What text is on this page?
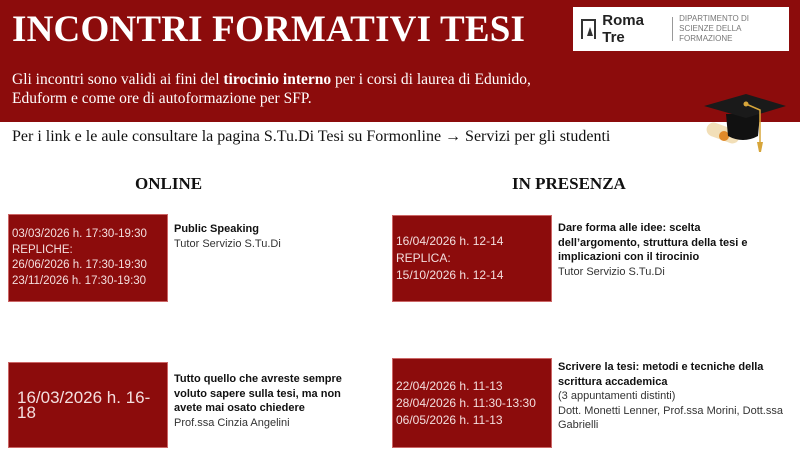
INCONTRI FORMATIVI TESI
Gli incontri sono validi ai fini del tirocinio interno per i corsi di laurea di Edunido, Eduform e come ore di autoformazione per SFP.
Roma Tre
DIPARTIMENTO DI
SCIENZE DELLA FORMAZIONE
Per i link e le aule consultare la pagina S.Tu.Di Tesi su Formonline → Servizi per gli studenti
ONLINE	IN PRESENZA
03/03/2026 h. 17:30-19:30
REPLICHE:
26/06/2026 h. 17:30-19:30
23/11/2026 h. 17:30-19:30
Public Speaking
Tutor Servizio S.Tu.Di
16/03/2026 h. 16-18
Tutto quello che avreste sempre voluto sapere sulla tesi, ma non avete mai osato chiedere
Prof.ssa Cinzia Angelini
16/04/2026 h. 12-14
REPLICA:
15/10/2026 h. 12-14
Dare forma alle idee: scelta dell’argomento, struttura della tesi e implicazioni con il tirocinio
Tutor Servizio S.Tu.Di
22/04/2026 h. 11-13
28/04/2026 h. 11:30-13:30
06/05/2026 h. 11-13
Scrivere la tesi: metodi e tecniche della scrittura accademica
(3 appuntamenti distinti)
Dott. Monetti Lenner, Prof.ssa Morini, Dott.ssa Gabrielli
